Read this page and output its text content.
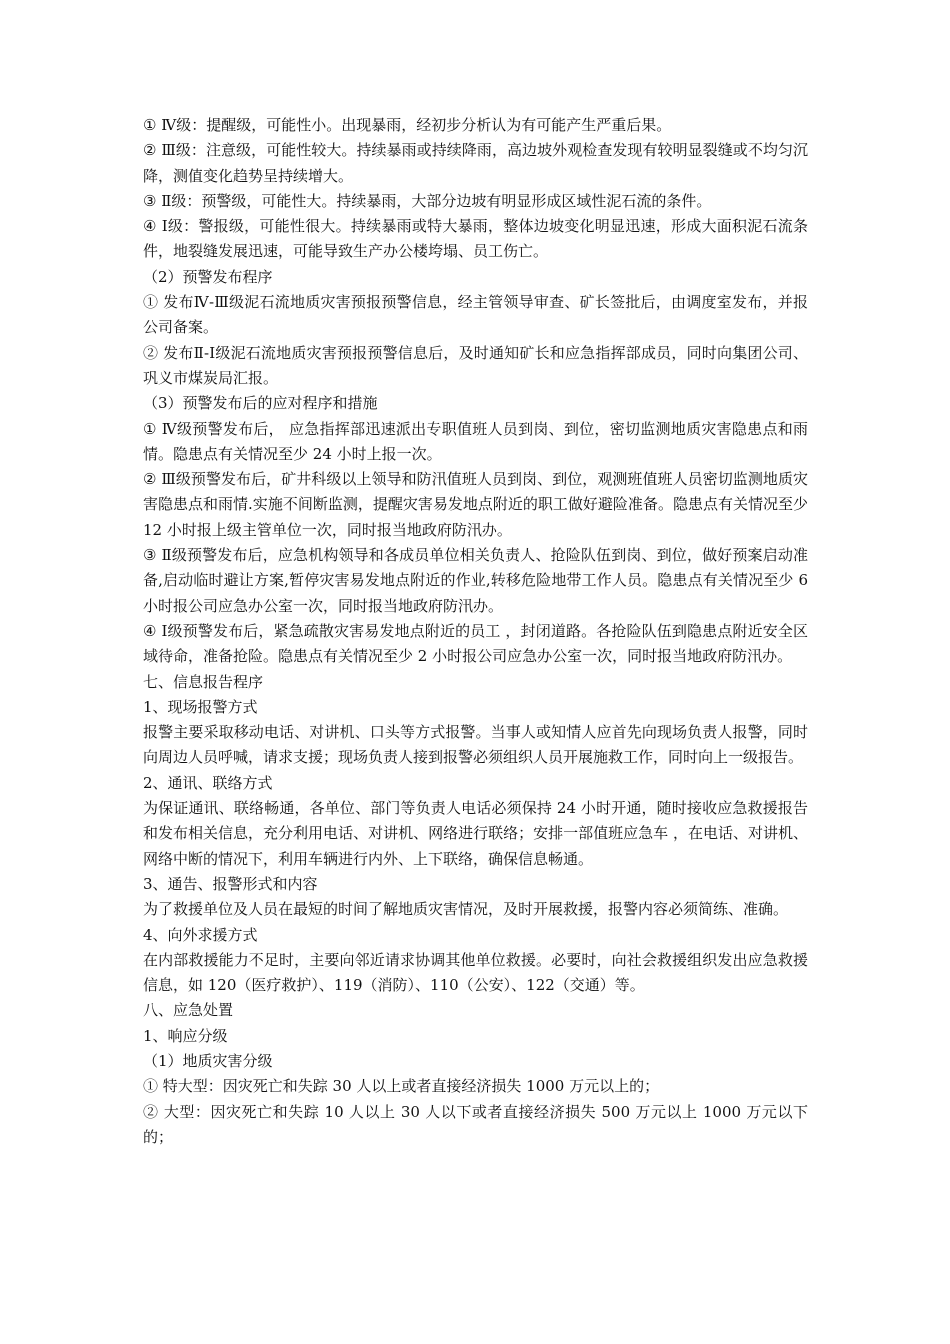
① Ⅳ级：提醒级，可能性小。出现暴雨，经初步分析认为有可能产生严重后果。

② Ⅲ级：注意级，可能性较大。持续暴雨或持续降雨，高边坡外观检查发现有较明显裂缝或不均匀沉降，测值变化趋势呈持续增大。

③ Ⅱ级：预警级，可能性大。持续暴雨，大部分边坡有明显形成区域性泥石流的条件。

④ Ⅰ级：警报级，可能性很大。持续暴雨或特大暴雨，整体边坡变化明显迅速，形成大面积泥石流条件，地裂缝发展迅速，可能导致生产办公楼垮塌、员工伤亡。

（2）预警发布程序

① 发布Ⅳ-Ⅲ级泥石流地质灾害预报预警信息，经主管领导审查、矿长签批后，由调度室发布，并报公司备案。

② 发布Ⅱ-Ⅰ级泥石流地质灾害预报预警信息后，及时通知矿长和应急指挥部成员，同时向集团公司、巩义市煤炭局汇报。

（3）预警发布后的应对程序和措施

① Ⅳ级预警发布后， 应急指挥部迅速派出专职值班人员到岗、到位，密切监测地质灾害隐患点和雨情。隐患点有关情况至少 24 小时上报一次。

② Ⅲ级预警发布后，矿井科级以上领导和防汛值班人员到岗、到位，观测班值班人员密切监测地质灾害隐患点和雨情.实施不间断监测，提醒灾害易发地点附近的职工做好避险准备。隐患点有关情况至少 12 小时报上级主管单位一次，同时报当地政府防汛办。

③ Ⅱ级预警发布后，应急机构领导和各成员单位相关负责人、抢险队伍到岗、到位，做好预案启动准备,启动临时避让方案,暂停灾害易发地点附近的作业,转移危险地带工作人员。隐患点有关情况至少 6 小时报公司应急办公室一次，同时报当地政府防汛办。

④ Ⅰ级预警发布后，紧急疏散灾害易发地点附近的员工 ，封闭道路。各抢险队伍到隐患点附近安全区域待命，准备抢险。隐患点有关情况至少 2 小时报公司应急办公室一次，同时报当地政府防汛办。

七、信息报告程序

1、现场报警方式

报警主要采取移动电话、对讲机、口头等方式报警。当事人或知情人应首先向现场负责人报警，同时向周边人员呼喊，请求支援；现场负责人接到报警必须组织人员开展施救工作，同时向上一级报告。

2、通讯、联络方式

为保证通讯、联络畅通，各单位、部门等负责人电话必须保持 24 小时开通，随时接收应急救援报告和发布相关信息，充分利用电话、对讲机、网络进行联络；安排一部值班应急车 ，在电话、对讲机、网络中断的情况下，利用车辆进行内外、上下联络，确保信息畅通。

3、通告、报警形式和内容

为了救援单位及人员在最短的时间了解地质灾害情况，及时开展救援，报警内容必须简练、准确。

4、向外求援方式

在内部救援能力不足时，主要向邻近请求协调其他单位救援。必要时，向社会救援组织发出应急救援信息，如 120（医疗救护）、119（消防）、110（公安）、122（交通）等。

八、应急处置

1、响应分级

（1）地质灾害分级

① 特大型：因灾死亡和失踪 30 人以上或者直接经济损失 1000 万元以上的；

② 大型：因灾死亡和失踪 10 人以上 30 人以下或者直接经济损失 500 万元以上 1000 万元以下的；
